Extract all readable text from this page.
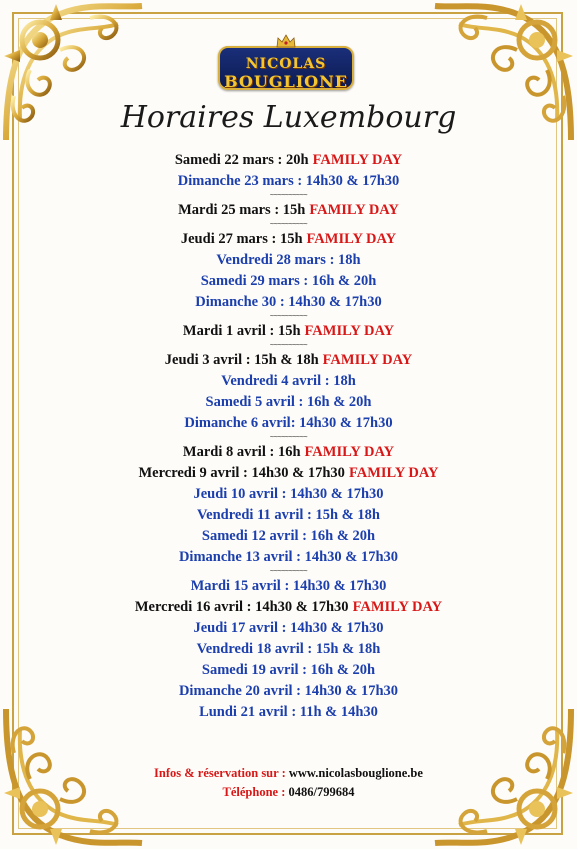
NICOLAS
BOUGLIONE
Horaires Luxembourg
Samedi 22 mars : 20h FAMILY DAY
Dimanche 23 mars : 14h30 & 17h30
~~~~~~~~~~
Mardi 25 mars : 15h FAMILY DAY
~~~~~~~~~~
Jeudi 27 mars : 15h FAMILY DAY
Vendredi 28 mars : 18h
Samedi 29 mars : 16h & 20h
Dimanche 30 : 14h30 & 17h30
~~~~~~~~~~
Mardi 1 avril : 15h FAMILY DAY
~~~~~~~~~~
Jeudi 3 avril : 15h & 18h FAMILY DAY
Vendredi 4 avril : 18h
Samedi 5 avril : 16h & 20h
Dimanche 6 avril: 14h30 & 17h30
~~~~~~~~~~
Mardi 8 avril : 16h FAMILY DAY
Mercredi 9 avril : 14h30 & 17h30 FAMILY DAY
Jeudi 10 avril : 14h30 & 17h30
Vendredi 11 avril : 15h & 18h
Samedi 12 avril : 16h & 20h
Dimanche 13 avril : 14h30 & 17h30
~~~~~~~~~~
Mardi 15 avril : 14h30 & 17h30
Mercredi 16 avril : 14h30 & 17h30 FAMILY DAY
Jeudi 17 avril : 14h30 & 17h30
Vendredi 18 avril : 15h & 18h
Samedi 19 avril : 16h & 20h
Dimanche 20 avril : 14h30 & 17h30
Lundi 21 avril : 11h & 14h30
Infos & réservation sur : www.nicolasbouglione.be
Téléphone : 0486/799684
